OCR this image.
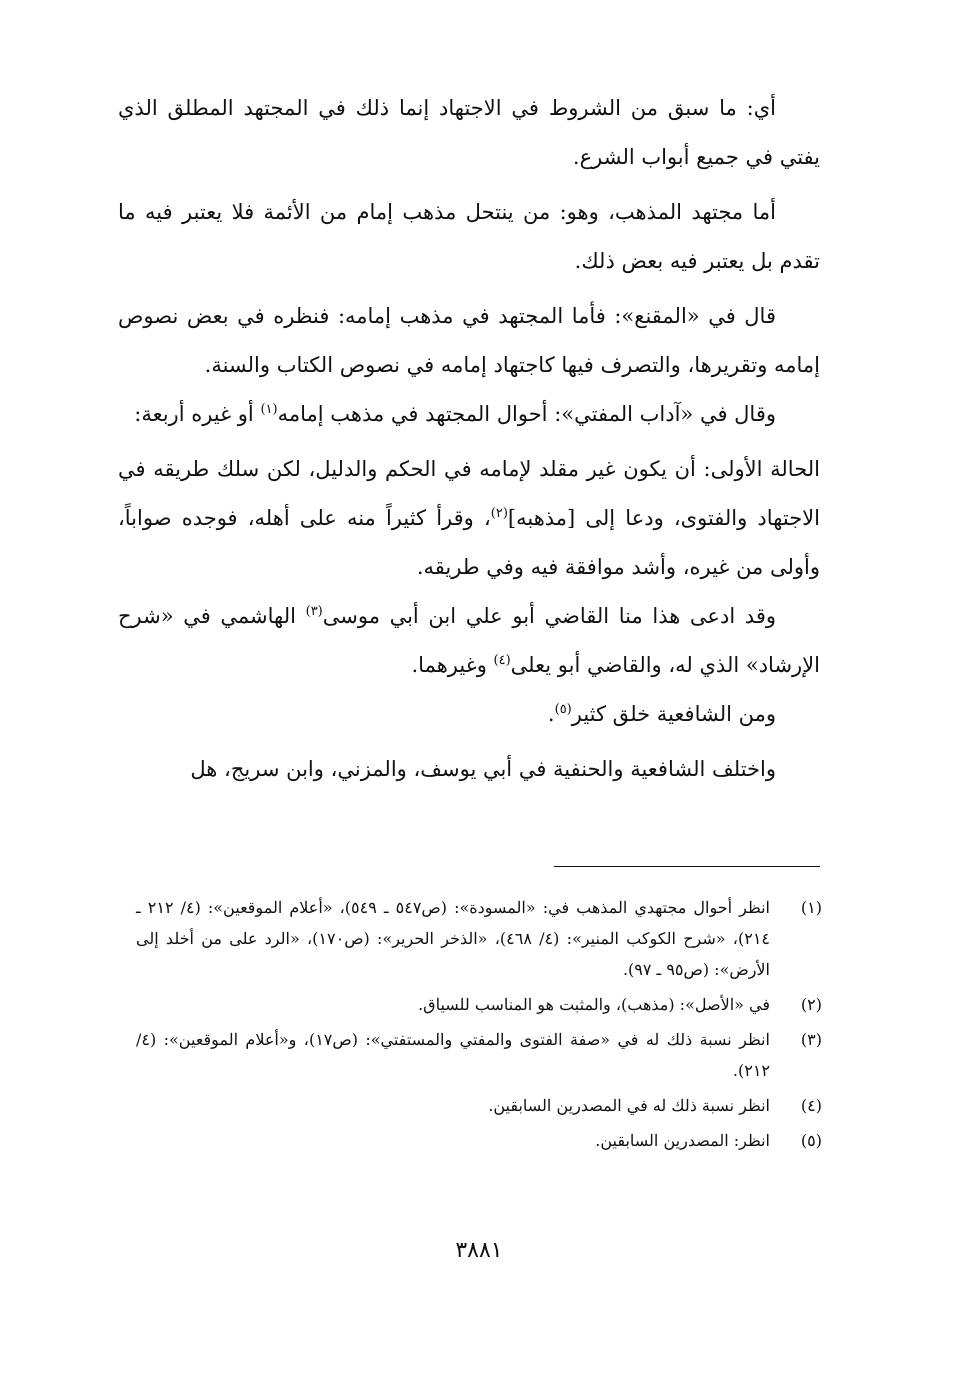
أي: ما سبق من الشروط في الاجتهاد إنما ذلك في المجتهد المطلق الذي يفتي في جميع أبواب الشرع.

أما مجتهد المذهب، وهو: من ينتحل مذهب إمام من الأئمة فلا يعتبر فيه ما تقدم بل يعتبر فيه بعض ذلك.

قال في «المقنع»: فأما المجتهد في مذهب إمامه: فنظره في بعض نصوص إمامه وتقريرها، والتصرف فيها كاجتهاد إمامه في نصوص الكتاب والسنة.

وقال في «آداب المفتي»: أحوال المجتهد في مذهب إمامه$^{(١)}$ أو غيره أربعة:

الحالة الأولى: أن يكون غير مقلد لإمامه في الحكم والدليل، لكن سلك طريقه في الاجتهاد والفتوى، ودعا إلى [مذهبه]$^{(٢)}$، وقرأ كثيراً منه على أهله، فوجده صواباً، وأولى من غيره، وأشد موافقة فيه وفي طريقه.

وقد ادعى هذا منا القاضي أبو علي ابن أبي موسى$^{(٣)}$ الهاشمي في «شرح الإرشاد» الذي له، والقاضي أبو يعلى$^{(٤)}$ وغيرهما.

ومن الشافعية خلق كثير$^{(٥)}$.

واختلف الشافعية والحنفية في أبي يوسف، والمزني، وابن سريج، هل

(١)
انظر أحوال مجتهدي المذهب في: «المسودة»: (ص٥٤٧ ـ ٥٤٩)، «أعلام الموقعين»: (٤/ ٢١٢ ـ ٢١٤)، «شرح الكوكب المنير»: (٤/ ٤٦٨)، «الذخر الحرير»: (ص١٧٠)، «الرد على من أخلد إلى الأرض»: (ص٩٥ ـ ٩٧).
(٢)
في «الأصل»: (مذهب)، والمثبت هو المناسب للسياق.
(٣)
انظر نسبة ذلك له في «صفة الفتوى والمفتي والمستفتي»: (ص١٧)، و«أعلام الموقعين»: (٤/ ٢١٢).
(٤)
انظر نسبة ذلك له في المصدرين السابقين.
(٥)
انظر: المصدرين السابقين.
٣٨٨١
